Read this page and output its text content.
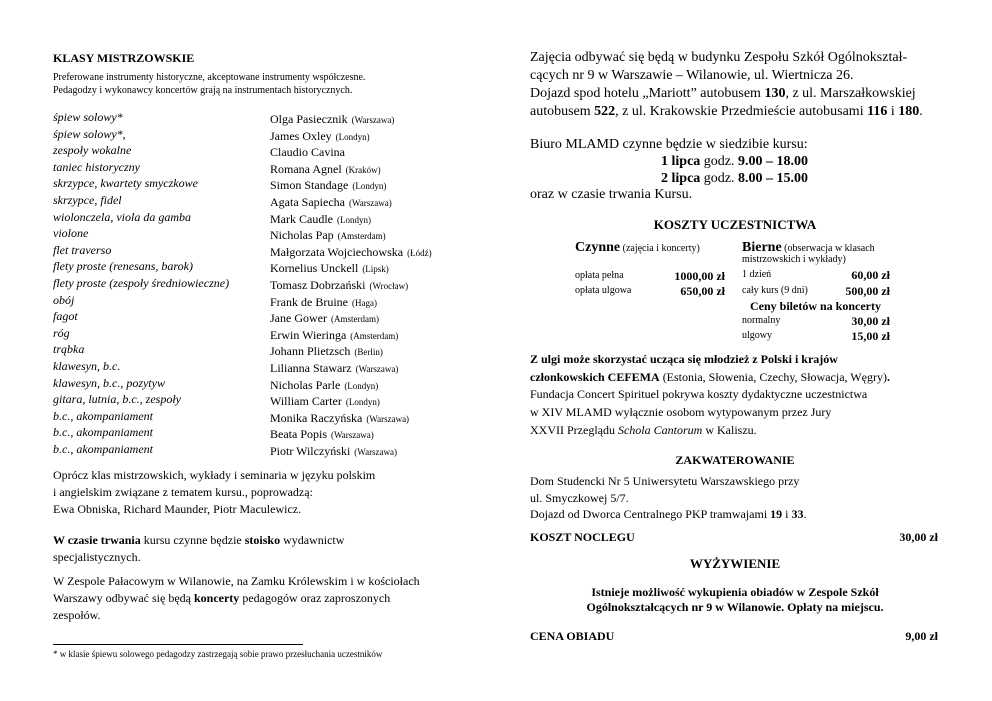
KLASY MISTRZOWSKIE
Preferowane instrumenty historyczne, akceptowane instrumenty współczesne.
Pedagodzy i wykonawcy koncertów grają na instrumentach historycznych.
śpiew solowy*	Olga Pasiecznik (Warszawa)
śpiew solowy*,	James Oxley (Londyn)
zespoły wokalne	Claudio Cavina
taniec historyczny	Romana Agnel (Kraków)
skrzypce, kwartety smyczkowe	Simon Standage (Londyn)
skrzypce, fidel	Agata Sapiecha (Warszawa)
wiolonczela, viola da gamba	Mark Caudle (Londyn)
violone	Nicholas Pap (Amsterdam)
flet traverso	Małgorzata Wojciechowska (Łódź)
flety proste (renesans, barok)	Kornelius Unckell (Lipsk)
flety proste (zespoły średniowieczne)	Tomasz Dobrzański (Wrocław)
obój	Frank de Bruine (Haga)
fagot	Jane Gower (Amsterdam)
róg	Erwin Wieringa (Amsterdam)
trąbka	Johann Plietzsch (Berlin)
klawesyn, b.c.	Lilianna Stawarz (Warszawa)
klawesyn, b.c., pozytyw	Nicholas Parle (Londyn)
gitara, lutnia, b.c., zespoły	William Carter (Londyn)
b.c., akompaniament	Monika Raczyńska (Warszawa)
b.c., akompaniament	Beata Popis (Warszawa)
b.c., akompaniament	Piotr Wilczyński (Warszawa)
Oprócz klas mistrzowskich, wykłady i seminaria w języku polskim
i angielskim związane z tematem kursu., poprowadzą:
Ewa Obniska, Richard Maunder, Piotr Maculewicz.
W czasie trwania kursu czynne będzie stoisko wydawnictw
specjalistycznych.
W Zespole Pałacowym w Wilanowie, na Zamku Królewskim i w kościołach
Warszawy odbywać się będą koncerty pedagogów oraz zaproszonych
zespołów.
* w klasie śpiewu solowego pedagodzy zastrzegają sobie prawo przesłuchania uczestników
Zajęcia odbywać się będą w budynku Zespołu Szkół Ogólnokształ-
cących nr 9 w Warszawie – Wilanowie, ul. Wiertnicza 26.
Dojazd spod hotelu „Mariott” autobusem 130, z ul. Marszałkowskiej
autobusem 522, z ul. Krakowskie Przedmieście autobusami 116 i 180.
Biuro MLAMD czynne będzie w siedzibie kursu:
1 lipca godz. 9.00 – 18.00
2 lipca godz. 8.00 – 15.00
oraz w czasie trwania Kursu.
KOSZTY UCZESTNICTWA
Czynne (zajęcia i koncerty)	Bierne (obserwacja w klasach
mistrzowskich i wykłady)
opłata pełna	1000,00 zł
opłata ulgowa	650,00 zł
1 dzień	60,00 zł
cały kurs (9 dni)	500,00 zł
Ceny biletów na koncerty
normalny	30,00 zł
ulgowy	15,00 zł
Z ulgi może skorzystać ucząca się młodzież z Polski i krajów
członkowskich CEFEMA (Estonia, Słowenia, Czechy, Słowacja, Węgry).
Fundacja Concert Spirituel pokrywa koszty dydaktyczne uczestnictwa
w XIV MLAMD wyłącznie osobom wytypowanym przez Jury
XXVII Przeglądu Schola Cantorum w Kaliszu.
ZAKWATEROWANIE
Dom Studencki Nr 5 Uniwersytetu Warszawskiego przy
ul. Smyczkowej 5/7.
Dojazd od Dworca Centralnego PKP tramwajami 19 i 33.
KOSZT NOCLEGU	30,00 zł
WYŻYWIENIE
Istnieje możliwość wykupienia obiadów w Zespole Szkół
Ogólnokształcących nr 9 w Wilanowie. Opłaty na miejscu.
CENA OBIADU	9,00 zł
